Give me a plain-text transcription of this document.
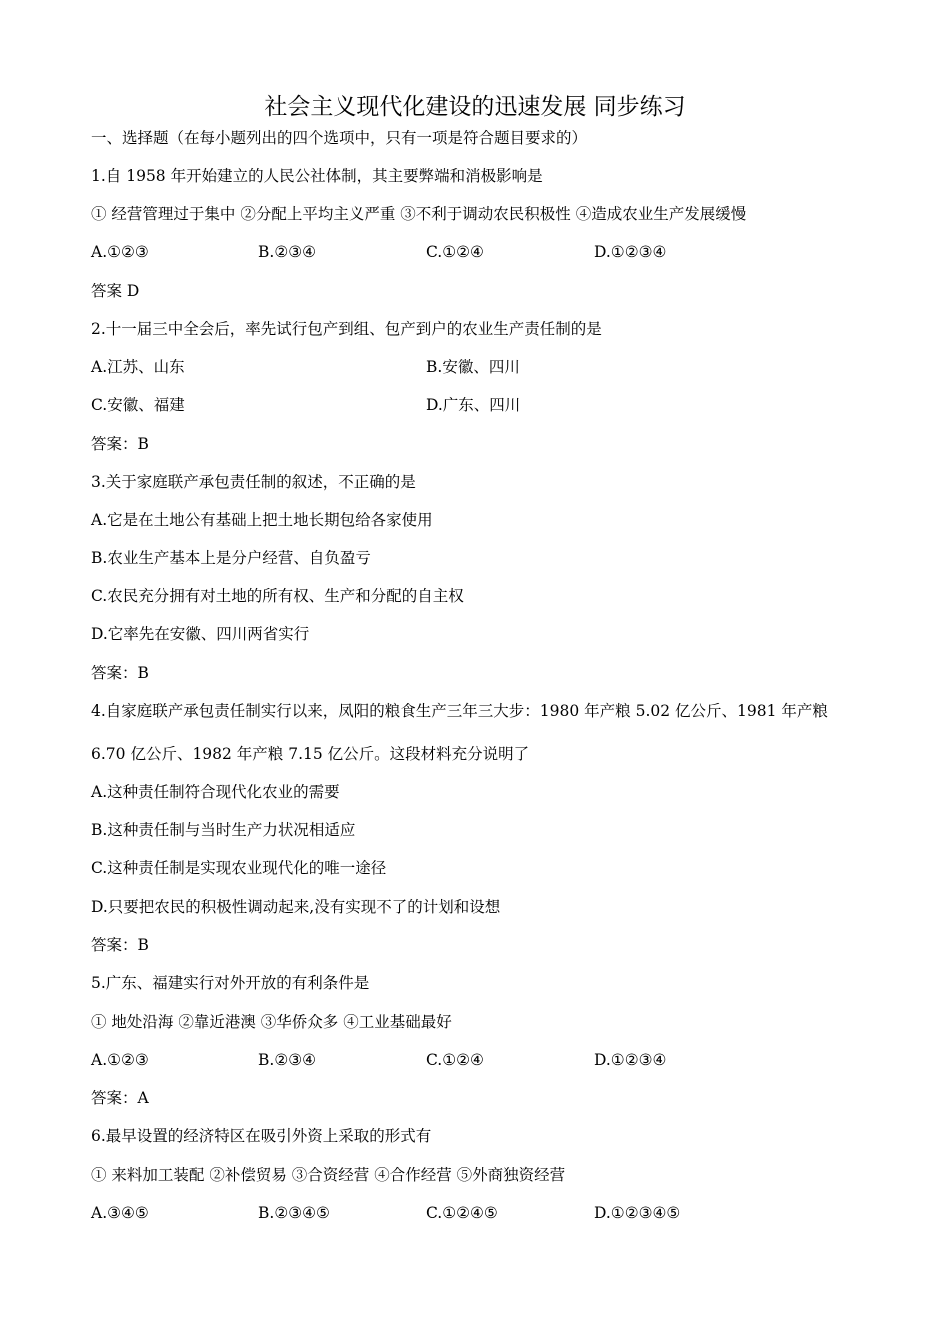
社会主义现代化建设的迅速发展 同步练习
一、选择题（在每小题列出的四个选项中，只有一项是符合题目要求的）
1.自 1958 年开始建立的人民公社体制，其主要弊端和消极影响是
① 经营管理过于集中 ②分配上平均主义严重 ③不利于调动农民积极性 ④造成农业生产发展缓慢
A.①②③	B.②③④	C.①②④	D.①②③④
答案 D
2.十一届三中全会后，率先试行包产到组、包产到户的农业生产责任制的是
A.江苏、山东	B.安徽、四川
C.安徽、福建	D.广东、四川
答案：B
3.关于家庭联产承包责任制的叙述，不正确的是
A.它是在土地公有基础上把土地长期包给各家使用
B.农业生产基本上是分户经营、自负盈亏
C.农民充分拥有对土地的所有权、生产和分配的自主权
D.它率先在安徽、四川两省实行
答案：B
4.自家庭联产承包责任制实行以来，凤阳的粮食生产三年三大步：1980 年产粮 5.02 亿公斤、1981 年产粮
6.70 亿公斤、1982 年产粮 7.15 亿公斤。这段材料充分说明了
A.这种责任制符合现代化农业的需要
B.这种责任制与当时生产力状况相适应
C.这种责任制是实现农业现代化的唯一途径
D.只要把农民的积极性调动起来,没有实现不了的计划和设想
答案：B
5.广东、福建实行对外开放的有利条件是
① 地处沿海 ②靠近港澳 ③华侨众多 ④工业基础最好
A.①②③	B.②③④	C.①②④	D.①②③④
答案：A
6.最早设置的经济特区在吸引外资上采取的形式有
① 来料加工装配 ②补偿贸易 ③合资经营 ④合作经营 ⑤外商独资经营
A.③④⑤	B.②③④⑤	C.①②④⑤	D.①②③④⑤
